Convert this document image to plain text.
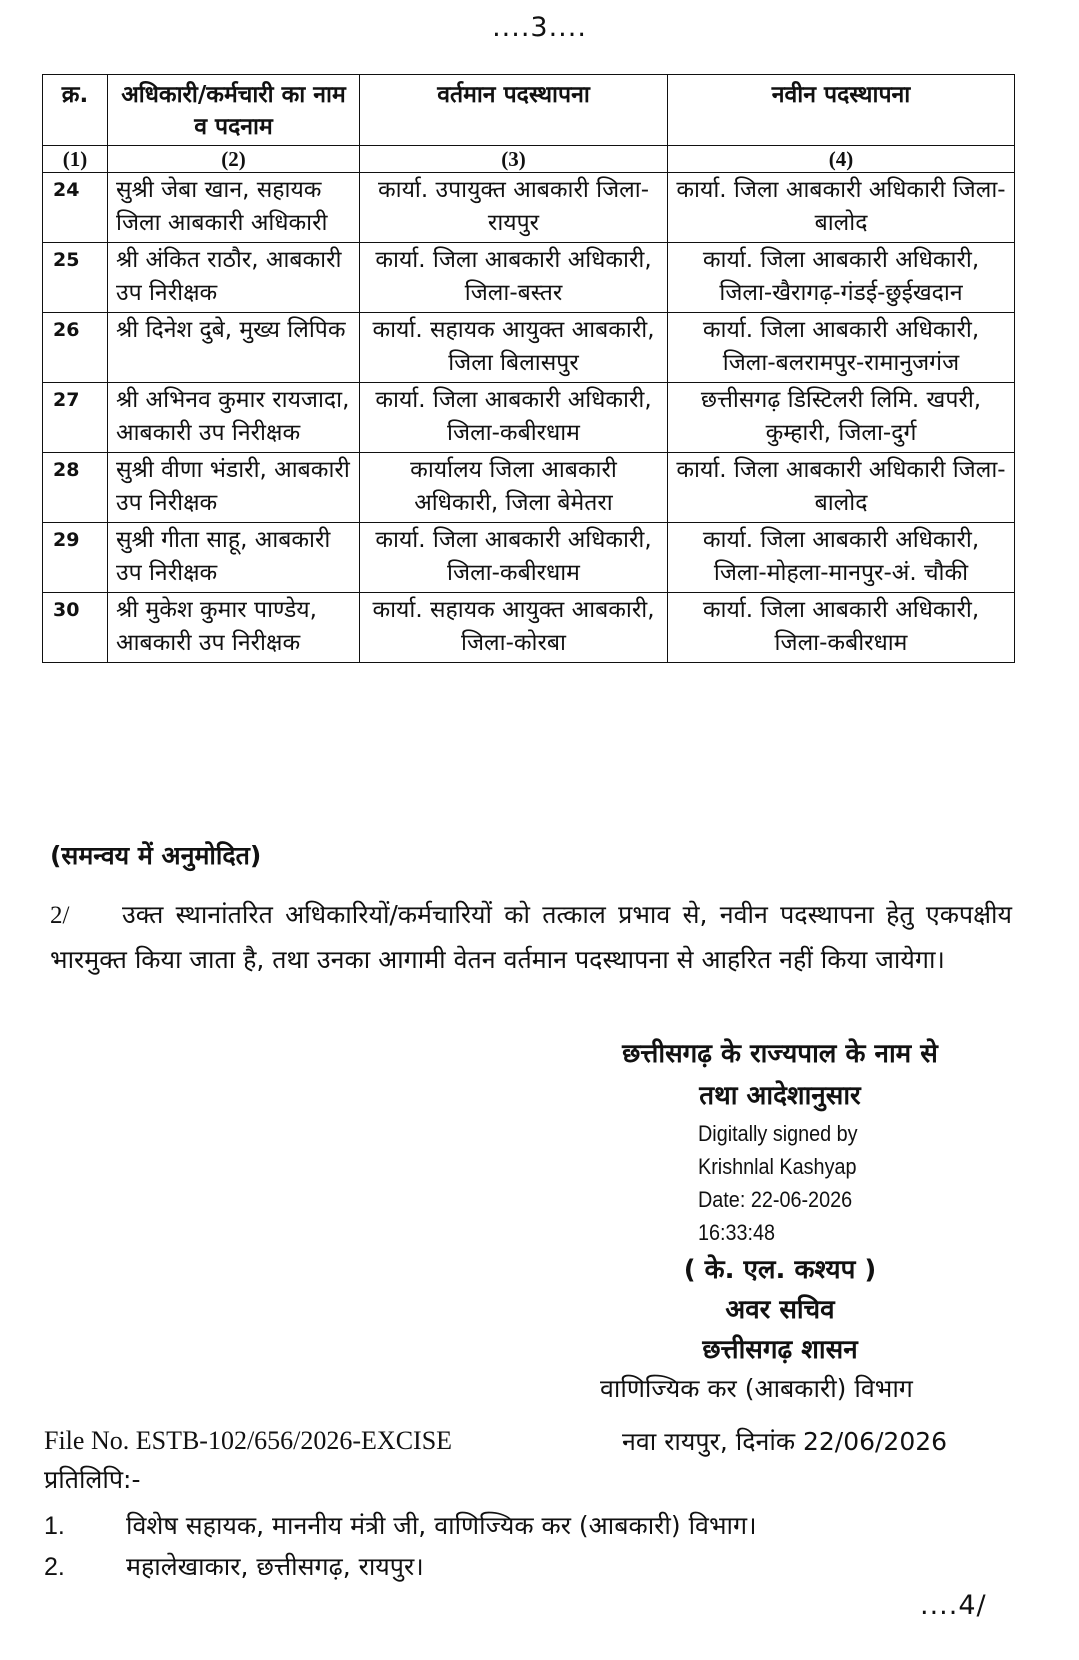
....3....
क्र.	अधिकारी/कर्मचारी का नाम व पदनाम	वर्तमान पदस्थापना	नवीन पदस्थापना
(1)	(2)	(3)	(4)
24	सुश्री जेबा खान, सहायक जिला आबकारी अधिकारी	कार्या. उपायुक्त आबकारी जिला-रायपुर	कार्या. जिला आबकारी अधिकारी जिला-बालोद
25	श्री अंकित राठौर, आबकारी उप निरीक्षक	कार्या. जिला आबकारी अधिकारी, जिला-बस्तर	कार्या. जिला आबकारी अधिकारी, जिला-खैरागढ़-गंडई-छुईखदान
26	श्री दिनेश दुबे, मुख्य लिपिक	कार्या. सहायक आयुक्त आबकारी, जिला बिलासपुर	कार्या. जिला आबकारी अधिकारी, जिला-बलरामपुर-रामानुजगंज
27	श्री अभिनव कुमार रायजादा, आबकारी उप निरीक्षक	कार्या. जिला आबकारी अधिकारी, जिला-कबीरधाम	छत्तीसगढ़ डिस्टिलरी लिमि. खपरी, कुम्हारी, जिला-दुर्ग
28	सुश्री वीणा भंडारी, आबकारी उप निरीक्षक	कार्यालय जिला आबकारी अधिकारी, जिला बेमेतरा	कार्या. जिला आबकारी अधिकारी जिला-बालोद
29	सुश्री गीता साहू, आबकारी उप निरीक्षक	कार्या. जिला आबकारी अधिकारी, जिला-कबीरधाम	कार्या. जिला आबकारी अधिकारी, जिला-मोहला-मानपुर-अं. चौकी
30	श्री मुकेश कुमार पाण्डेय, आबकारी उप निरीक्षक	कार्या. सहायक आयुक्त आबकारी, जिला-कोरबा	कार्या. जिला आबकारी अधिकारी, जिला-कबीरधाम
(समन्वय में अनुमोदित)
2/ उक्त स्थानांतरित अधिकारियों/कर्मचारियों को तत्काल प्रभाव से, नवीन पदस्थापना हेतु एकपक्षीय भारमुक्त किया जाता है, तथा उनका आगामी वेतन वर्तमान पदस्थापना से आहरित नहीं किया जायेगा।
छत्तीसगढ़ के राज्यपाल के नाम से
तथा आदेशानुसार
Digitally signed by
Krishnlal Kashyap
Date: 22-06-2026
16:33:48
( के. एल. कश्यप )
अवर सचिव
छत्तीसगढ़ शासन
वाणिज्यिक कर (आबकारी) विभाग
File No. ESTB-102/656/2026-EXCISE	नवा रायपुर, दिनांक 22/06/2026
प्रतिलिपि:-
1. विशेष सहायक, माननीय मंत्री जी, वाणिज्यिक कर (आबकारी) विभाग।
2. महालेखाकार, छत्तीसगढ़, रायपुर।
....4/
